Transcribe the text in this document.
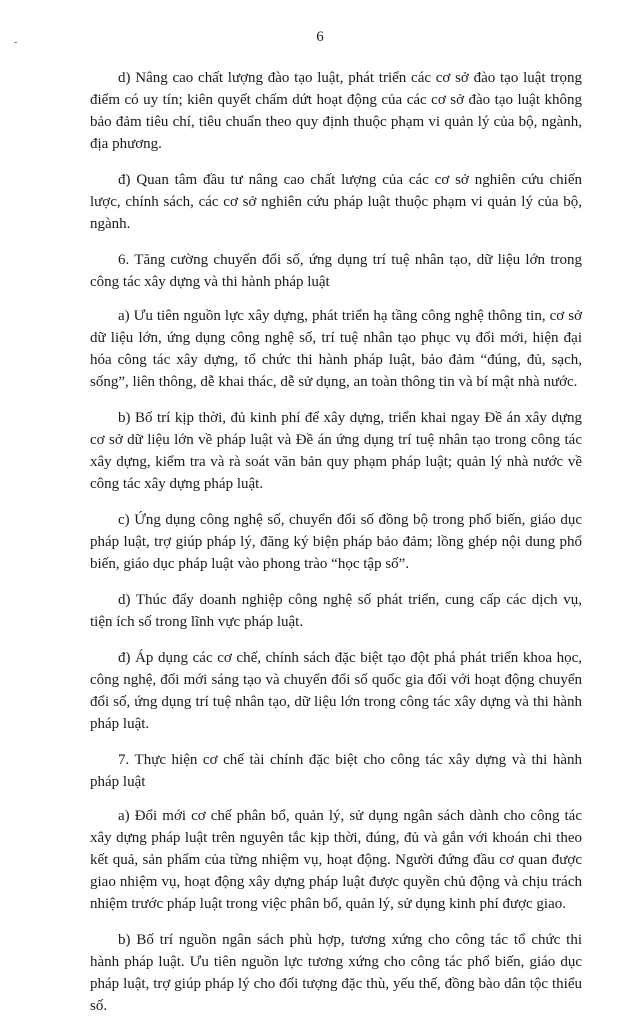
-	6

d) Nâng cao chất lượng đào tạo luật, phát triển các cơ sở đào tạo luật trọng điểm có uy tín; kiên quyết chấm dứt hoạt động của các cơ sở đào tạo luật không bảo đảm tiêu chí, tiêu chuẩn theo quy định thuộc phạm vi quản lý của bộ, ngành, địa phương.

đ) Quan tâm đầu tư nâng cao chất lượng của các cơ sở nghiên cứu chiến lược, chính sách, các cơ sở nghiên cứu pháp luật thuộc phạm vi quản lý của bộ, ngành.

6. Tăng cường chuyển đổi số, ứng dụng trí tuệ nhân tạo, dữ liệu lớn trong công tác xây dựng và thi hành pháp luật

a) Ưu tiên nguồn lực xây dựng, phát triển hạ tầng công nghệ thông tin, cơ sở dữ liệu lớn, ứng dụng công nghệ số, trí tuệ nhân tạo phục vụ đổi mới, hiện đại hóa công tác xây dựng, tổ chức thi hành pháp luật, bảo đảm “đúng, đủ, sạch, sống”, liên thông, dễ khai thác, dễ sử dụng, an toàn thông tin và bí mật nhà nước.

b) Bố trí kịp thời, đủ kinh phí để xây dựng, triển khai ngay Đề án xây dựng cơ sở dữ liệu lớn về pháp luật và Đề án ứng dụng trí tuệ nhân tạo trong công tác xây dựng, kiểm tra và rà soát văn bản quy phạm pháp luật; quản lý nhà nước về công tác xây dựng pháp luật.

c) Ứng dụng công nghệ số, chuyển đổi số đồng bộ trong phổ biến, giáo dục pháp luật, trợ giúp pháp lý, đăng ký biện pháp bảo đảm; lồng ghép nội dung phổ biến, giáo dục pháp luật vào phong trào “học tập số”.

d) Thúc đẩy doanh nghiệp công nghệ số phát triển, cung cấp các dịch vụ, tiện ích số trong lĩnh vực pháp luật.

đ) Áp dụng các cơ chế, chính sách đặc biệt tạo đột phá phát triển khoa học, công nghệ, đổi mới sáng tạo và chuyển đổi số quốc gia đối với hoạt động chuyển đổi số, ứng dụng trí tuệ nhân tạo, dữ liệu lớn trong công tác xây dựng và thi hành pháp luật.

7. Thực hiện cơ chế tài chính đặc biệt cho công tác xây dựng và thi hành pháp luật

a) Đổi mới cơ chế phân bổ, quản lý, sử dụng ngân sách dành cho công tác xây dựng pháp luật trên nguyên tắc kịp thời, đúng, đủ và gắn với khoán chi theo kết quả, sản phẩm của từng nhiệm vụ, hoạt động. Người đứng đầu cơ quan được giao nhiệm vụ, hoạt động xây dựng pháp luật được quyền chủ động và chịu trách nhiệm trước pháp luật trong việc phân bổ, quản lý, sử dụng kinh phí được giao.

b) Bố trí nguồn ngân sách phù hợp, tương xứng cho công tác tổ chức thi hành pháp luật. Ưu tiên nguồn lực tương xứng cho công tác phổ biến, giáo dục pháp luật, trợ giúp pháp lý cho đối tượng đặc thù, yếu thế, đồng bào dân tộc thiểu số.
